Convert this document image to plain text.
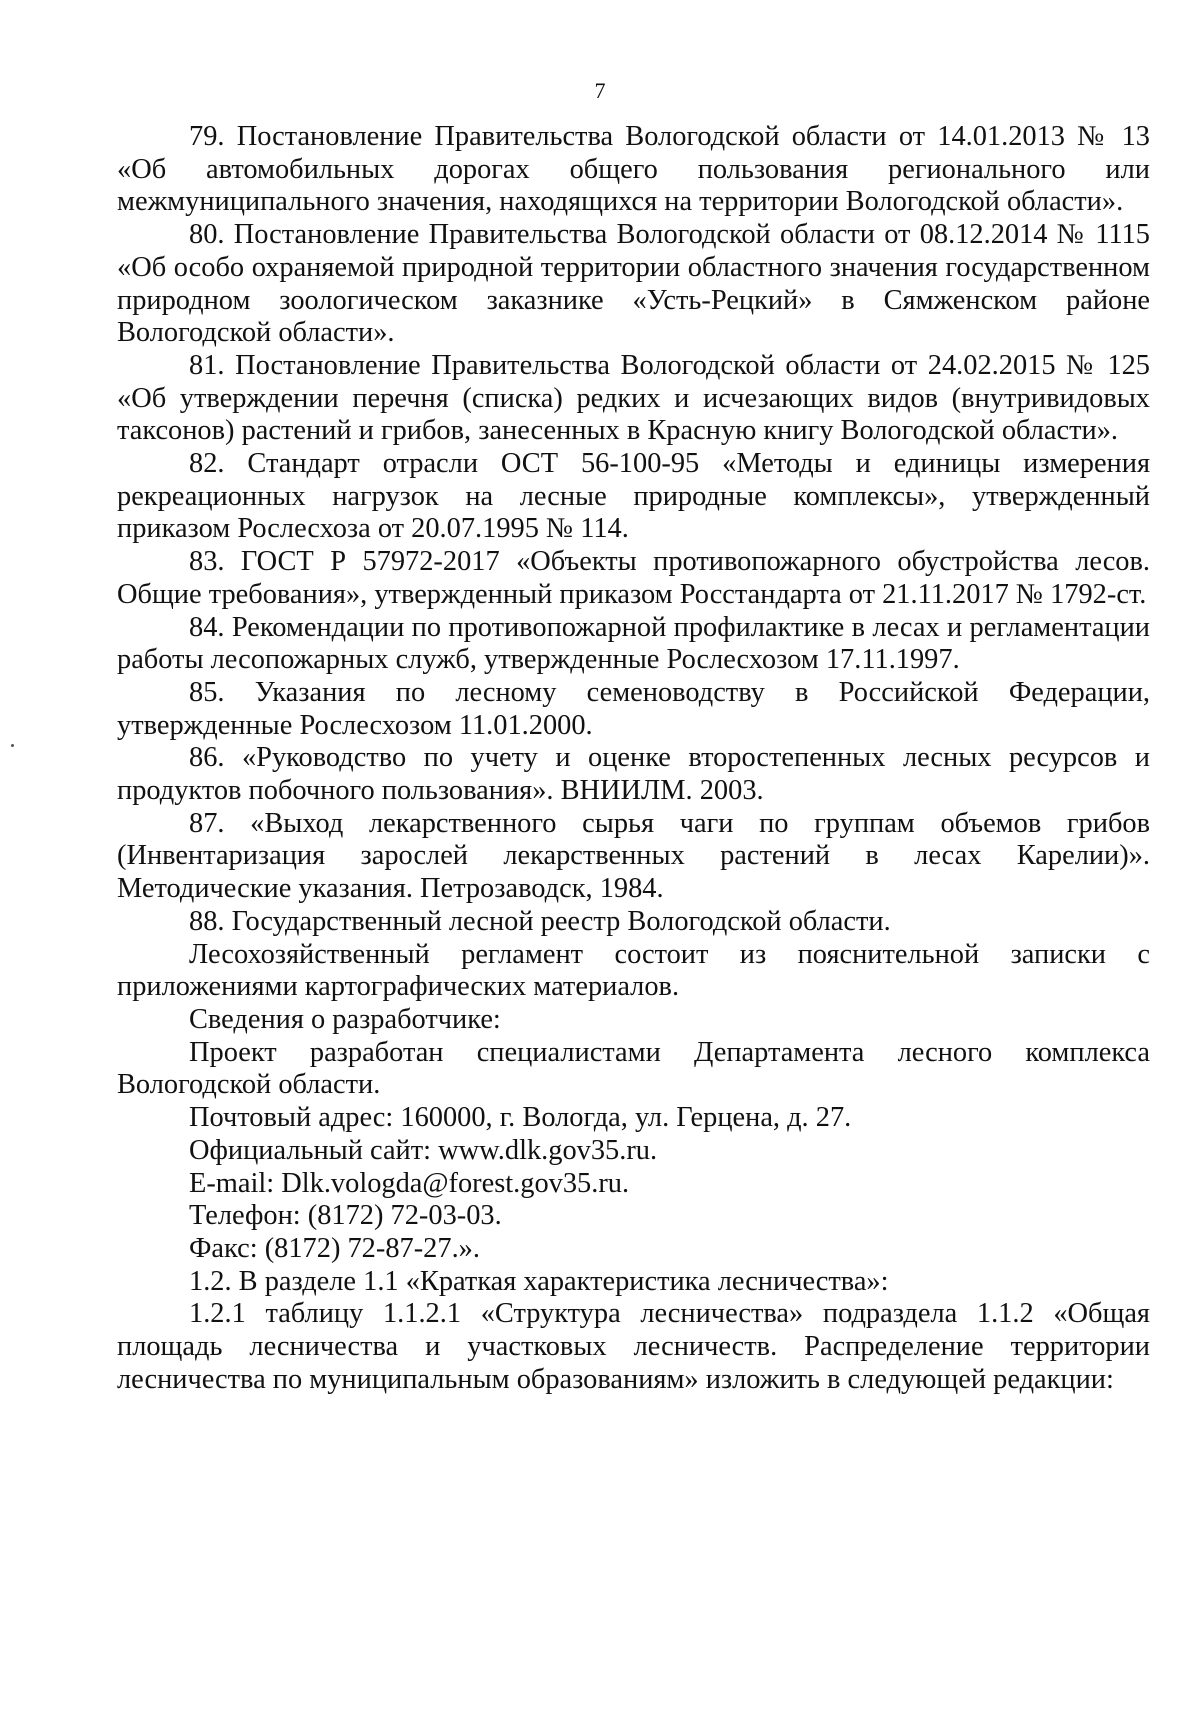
7

79. Постановление Правительства Вологодской области от 14.01.2013 № 13 «Об автомобильных дорогах общего пользования регионального или межмуниципального значения, находящихся на территории Вологодской области».

80. Постановление Правительства Вологодской области от 08.12.2014 № 1115 «Об особо охраняемой природной территории областного значения государственном природном зоологическом заказнике «Усть-Рецкий» в Сямженском районе Вологодской области».

81. Постановление Правительства Вологодской области от 24.02.2015 № 125 «Об утверждении перечня (списка) редких и исчезающих видов (внутривидовых таксонов) растений и грибов, занесенных в Красную книгу Вологодской области».

82. Стандарт отрасли ОСТ 56-100-95 «Методы и единицы измерения рекреационных нагрузок на лесные природные комплексы», утвержденный приказом Рослесхоза от 20.07.1995 № 114.

83. ГОСТ Р 57972-2017 «Объекты противопожарного обустройства лесов. Общие требования», утвержденный приказом Росстандарта от 21.11.2017 № 1792-ст.

84. Рекомендации по противопожарной профилактике в лесах и регламентации работы лесопожарных служб, утвержденные Рослесхозом 17.11.1997.

85. Указания по лесному семеноводству в Российской Федерации, утвержденные Рослесхозом 11.01.2000.

86. «Руководство по учету и оценке второстепенных лесных ресурсов и продуктов побочного пользования». ВНИИЛМ. 2003.

87. «Выход лекарственного сырья чаги по группам объемов грибов (Инвентаризация зарослей лекарственных растений в лесах Карелии)». Методические указания. Петрозаводск, 1984.

88. Государственный лесной реестр Вологодской области.

Лесохозяйственный регламент состоит из пояснительной записки с приложениями картографических материалов.

Сведения о разработчике:

Проект разработан специалистами Департамента лесного комплекса Вологодской области.

Почтовый адрес: 160000, г. Вологда, ул. Герцена, д. 27.

Официальный сайт: www.dlk.gov35.ru.

E-mail: Dlk.vologda@forest.gov35.ru.

Телефон: (8172) 72-03-03.

Факс: (8172) 72-87-27.».

1.2. В разделе 1.1 «Краткая характеристика лесничества»:

1.2.1 таблицу 1.1.2.1 «Структура лесничества» подраздела 1.1.2 «Общая площадь лесничества и участковых лесничеств. Распределение территории лесничества по муниципальным образованиям» изложить в следующей редакции:
